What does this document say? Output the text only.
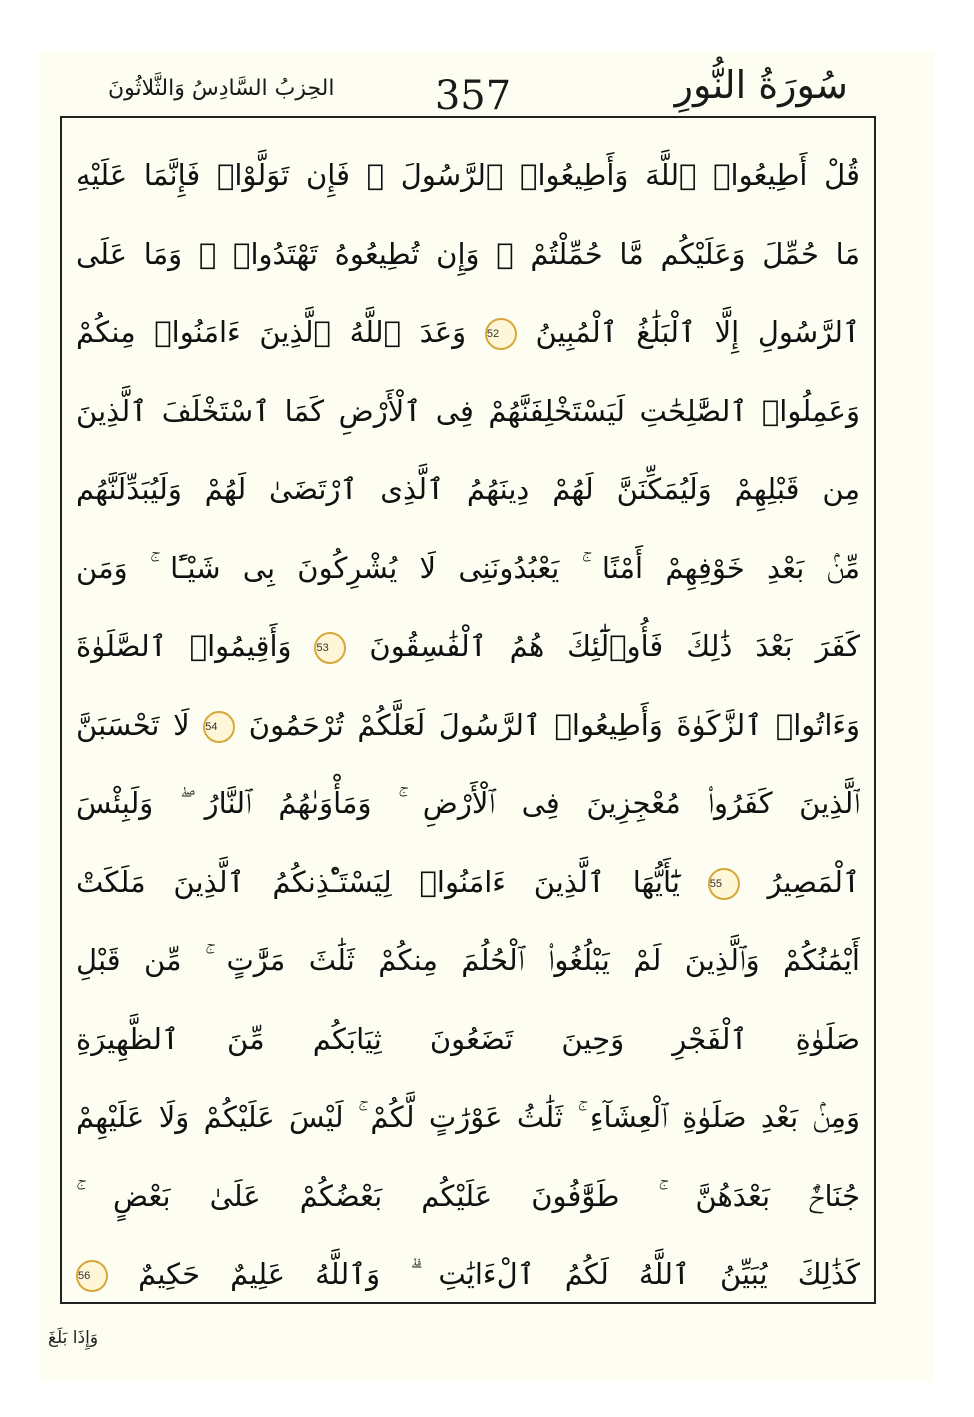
سُورَةُ النُّورِ
357
الحِزبُ السَّادِسُ وَالثَّلاثُونَ
قُلْ أَطِيعُوا۟ ٱللَّهَ وَأَطِيعُوا۟ ٱلرَّسُولَ ۖ فَإِن تَوَلَّوْا۟ فَإِنَّمَا عَلَيْهِ
مَا حُمِّلَ وَعَلَيْكُم مَّا حُمِّلْتُمْ ۖ وَإِن تُطِيعُوهُ تَهْتَدُوا۟ ۚ وَمَا عَلَى
ٱلرَّسُولِ إِلَّا ٱلْبَلَٰغُ ٱلْمُبِينُ 52 وَعَدَ ٱللَّهُ ٱلَّذِينَ ءَامَنُوا۟ مِنكُمْ
وَعَمِلُوا۟ ٱلصَّٰلِحَٰتِ لَيَسْتَخْلِفَنَّهُمْ فِى ٱلْأَرْضِ كَمَا ٱسْتَخْلَفَ ٱلَّذِينَ
مِن قَبْلِهِمْ وَلَيُمَكِّنَنَّ لَهُمْ دِينَهُمُ ٱلَّذِى ٱرْتَضَىٰ لَهُمْ وَلَيُبَدِّلَنَّهُم
مِّنۢ بَعْدِ خَوْفِهِمْ أَمْنًا ۚ يَعْبُدُونَنِى لَا يُشْرِكُونَ بِى شَيْـًٔا ۚ وَمَن
كَفَرَ بَعْدَ ذَٰلِكَ فَأُو۟لَٰٓئِكَ هُمُ ٱلْفَٰسِقُونَ 53 وَأَقِيمُوا۟ ٱلصَّلَوٰةَ
وَءَاتُوا۟ ٱلزَّكَوٰةَ وَأَطِيعُوا۟ ٱلرَّسُولَ لَعَلَّكُمْ تُرْحَمُونَ 54 لَا تَحْسَبَنَّ
ٱلَّذِينَ كَفَرُوا۟ مُعْجِزِينَ فِى ٱلْأَرْضِ ۚ وَمَأْوَىٰهُمُ ٱلنَّارُ ۖ وَلَبِئْسَ
ٱلْمَصِيرُ 55 يَٰٓأَيُّهَا ٱلَّذِينَ ءَامَنُوا۟ لِيَسْتَـْٔذِنكُمُ ٱلَّذِينَ مَلَكَتْ
أَيْمَٰنُكُمْ وَٱلَّذِينَ لَمْ يَبْلُغُوا۟ ٱلْحُلُمَ مِنكُمْ ثَلَٰثَ مَرَّٰتٍ ۚ مِّن قَبْلِ
صَلَوٰةِ ٱلْفَجْرِ وَحِينَ تَضَعُونَ ثِيَابَكُم مِّنَ ٱلظَّهِيرَةِ
وَمِنۢ بَعْدِ صَلَوٰةِ ٱلْعِشَآءِ ۚ ثَلَٰثُ عَوْرَٰتٍ لَّكُمْ ۚ لَيْسَ عَلَيْكُمْ وَلَا عَلَيْهِمْ
جُنَاحٌۢ بَعْدَهُنَّ ۚ طَوَّٰفُونَ عَلَيْكُم بَعْضُكُمْ عَلَىٰ بَعْضٍ ۚ
كَذَٰلِكَ يُبَيِّنُ ٱللَّهُ لَكُمُ ٱلْءَايَٰتِ ۗ وَٱللَّهُ عَلِيمٌ حَكِيمٌ 56
وَإِذَا بَلَغَ
